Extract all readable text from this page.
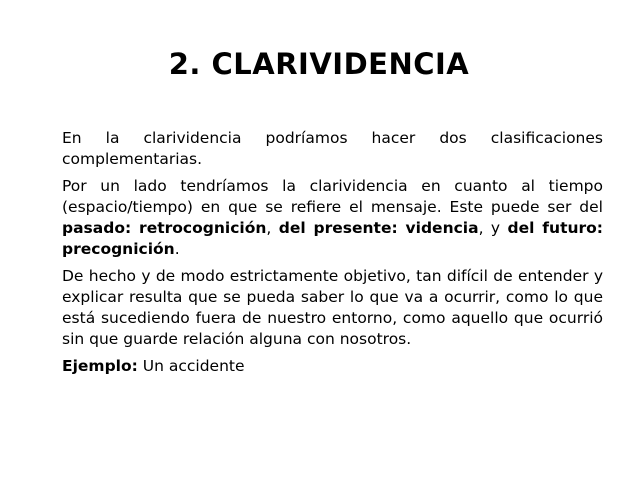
2. CLARIVIDENCIA

En la clarividencia podríamos hacer dos clasificaciones complementarias.

Por un lado tendríamos la clarividencia en cuanto al tiempo (espacio/tiempo) en que se refiere el mensaje. Este puede ser del pasado: retrocognición, del presente: videncia, y del futuro: precognición.

De hecho y de modo estrictamente objetivo, tan difícil de entender y explicar resulta que se pueda saber lo que va a ocurrir, como lo que está sucediendo fuera de nuestro entorno, como aquello que ocurrió sin que guarde relación alguna con nosotros.

Ejemplo: Un accidente
